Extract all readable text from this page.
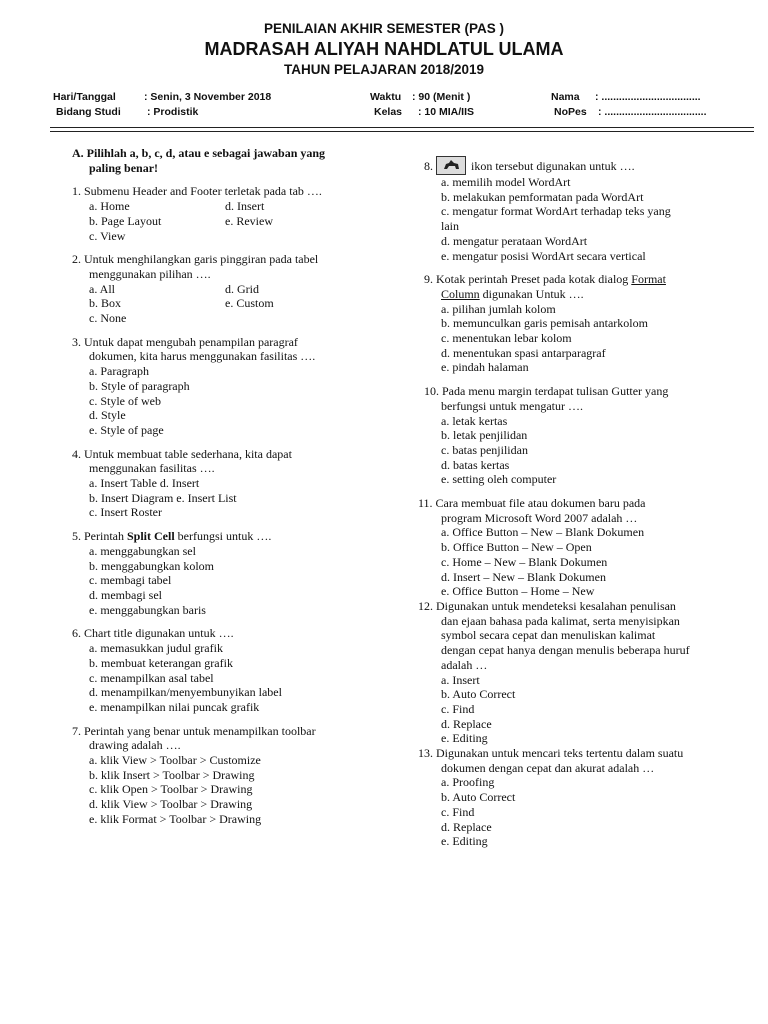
PENILAIAN AKHIR SEMESTER (PAS )
MADRASAH ALIYAH NAHDLATUL ULAMA
TAHUN PELAJARAN 2018/2019
Hari/Tanggal	: Senin, 3 November 2018
Bidang Studi	: Prodistik
Waktu : 90 (Menit )
Kelas : 10 MIA/IIS
Nama : ..................................
NoPes : ...................................
A. Pilihlah a, b, c, d, atau e sebagai jawaban yang
paling benar!
1. Submenu Header and Footer terletak pada tab ….
a. Home	d. Insert
b. Page Layout	e. Review
c. View
2. Untuk menghilangkan garis pinggiran pada tabel
menggunakan pilihan ….
a. All	d. Grid
b. Box	e. Custom
c. None
3. Untuk dapat mengubah penampilan paragraf
dokumen, kita harus menggunakan fasilitas ….
a. Paragraph
b. Style of paragraph
c. Style of web
d. Style
e. Style of page
4. Untuk membuat table sederhana, kita dapat
menggunakan fasilitas ….
a. Insert Table d. Insert
b. Insert Diagram e. Insert List
c. Insert Roster
5. Perintah Split Cell berfungsi untuk ….
a. menggabungkan sel
b. menggabungkan kolom
c. membagi tabel
d. membagi sel
e. menggabungkan baris
6. Chart title digunakan untuk ….
a. memasukkan judul grafik
b. membuat keterangan grafik
c. menampilkan asal tabel
d. menampilkan/menyembunyikan label
e. menampilkan nilai puncak grafik
7. Perintah yang benar untuk menampilkan toolbar
drawing adalah ….
a. klik View > Toolbar > Customize
b. klik Insert > Toolbar > Drawing
c. klik Open > Toolbar > Drawing
d. klik View > Toolbar > Drawing
e. klik Format > Toolbar > Drawing
8.	ikon tersebut digunakan untuk ….
a. memilih model WordArt
b. melakukan pemformatan pada WordArt
c. mengatur format WordArt terhadap teks yang
lain
d. mengatur perataan WordArt
e. mengatur posisi WordArt secara vertical
9. Kotak perintah Preset pada kotak dialog Format
Column digunakan Untuk ….
a. pilihan jumlah kolom
b. memunculkan garis pemisah antarkolom
c. menentukan lebar kolom
d. menentukan spasi antarparagraf
e. pindah halaman
10. Pada menu margin terdapat tulisan Gutter yang
berfungsi untuk mengatur ….
a. letak kertas
b. letak penjilidan
c. batas penjilidan
d. batas kertas
e. setting oleh computer
11. Cara membuat file atau dokumen baru pada
program Microsoft Word 2007 adalah …
a. Office Button – New – Blank Dokumen
b. Office Button – New – Open
c. Home – New – Blank Dokumen
d. Insert – New – Blank Dokumen
e. Office Button – Home – New
12. Digunakan untuk mendeteksi kesalahan penulisan
dan ejaan bahasa pada kalimat, serta menyisipkan
symbol secara cepat dan menuliskan kalimat
dengan cepat hanya dengan menulis beberapa huruf
adalah …
a. Insert
b. Auto Correct
c. Find
d. Replace
e. Editing
13. Digunakan untuk mencari teks tertentu dalam suatu
dokumen dengan cepat dan akurat adalah …
a. Proofing
b. Auto Correct
c. Find
d. Replace
e. Editing
